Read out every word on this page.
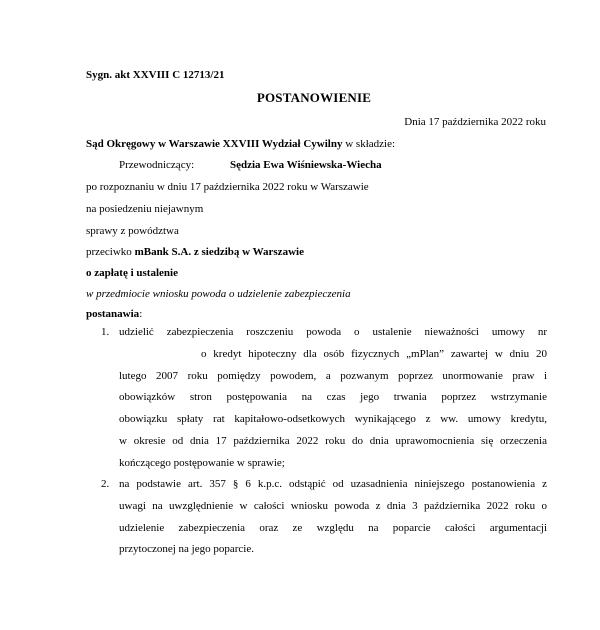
Sygn. akt XXVIII C 12713/21
POSTANOWIENIE
Dnia 17 października 2022 roku
Sąd Okręgowy w Warszawie XXVIII Wydział Cywilny w składzie:
Przewodniczący:	Sędzia Ewa Wiśniewska-Wiecha
po rozpoznaniu w dniu 17 października 2022 roku w Warszawie
na posiedzeniu niejawnym
sprawy z powództwa
przeciwko mBank S.A. z siedzibą w Warszawie
o zapłatę i ustalenie
w przedmiocie wniosku powoda o udzielenie zabezpieczenia
postanawia:
1. udzielić zabezpieczenia roszczeniu powoda o ustalenie nieważności umowy nr
o kredyt hipoteczny dla osób fizycznych „mPlan” zawartej w dniu 20
lutego 2007 roku pomiędzy powodem, a pozwanym poprzez unormowanie praw i
obowiązków stron postępowania na czas jego trwania poprzez wstrzymanie
obowiązku spłaty rat kapitałowo-odsetkowych wynikającego z ww. umowy kredytu,
w okresie od dnia 17 października 2022 roku do dnia uprawomocnienia się orzeczenia
kończącego postępowanie w sprawie;
2. na podstawie art. 357 § 6 k.p.c. odstąpić od uzasadnienia niniejszego postanowienia z
uwagi na uwzględnienie w całości wniosku powoda z dnia 3 października 2022 roku o
udzielenie zabezpieczenia oraz ze względu na poparcie całości argumentacji
przytoczonej na jego poparcie.
